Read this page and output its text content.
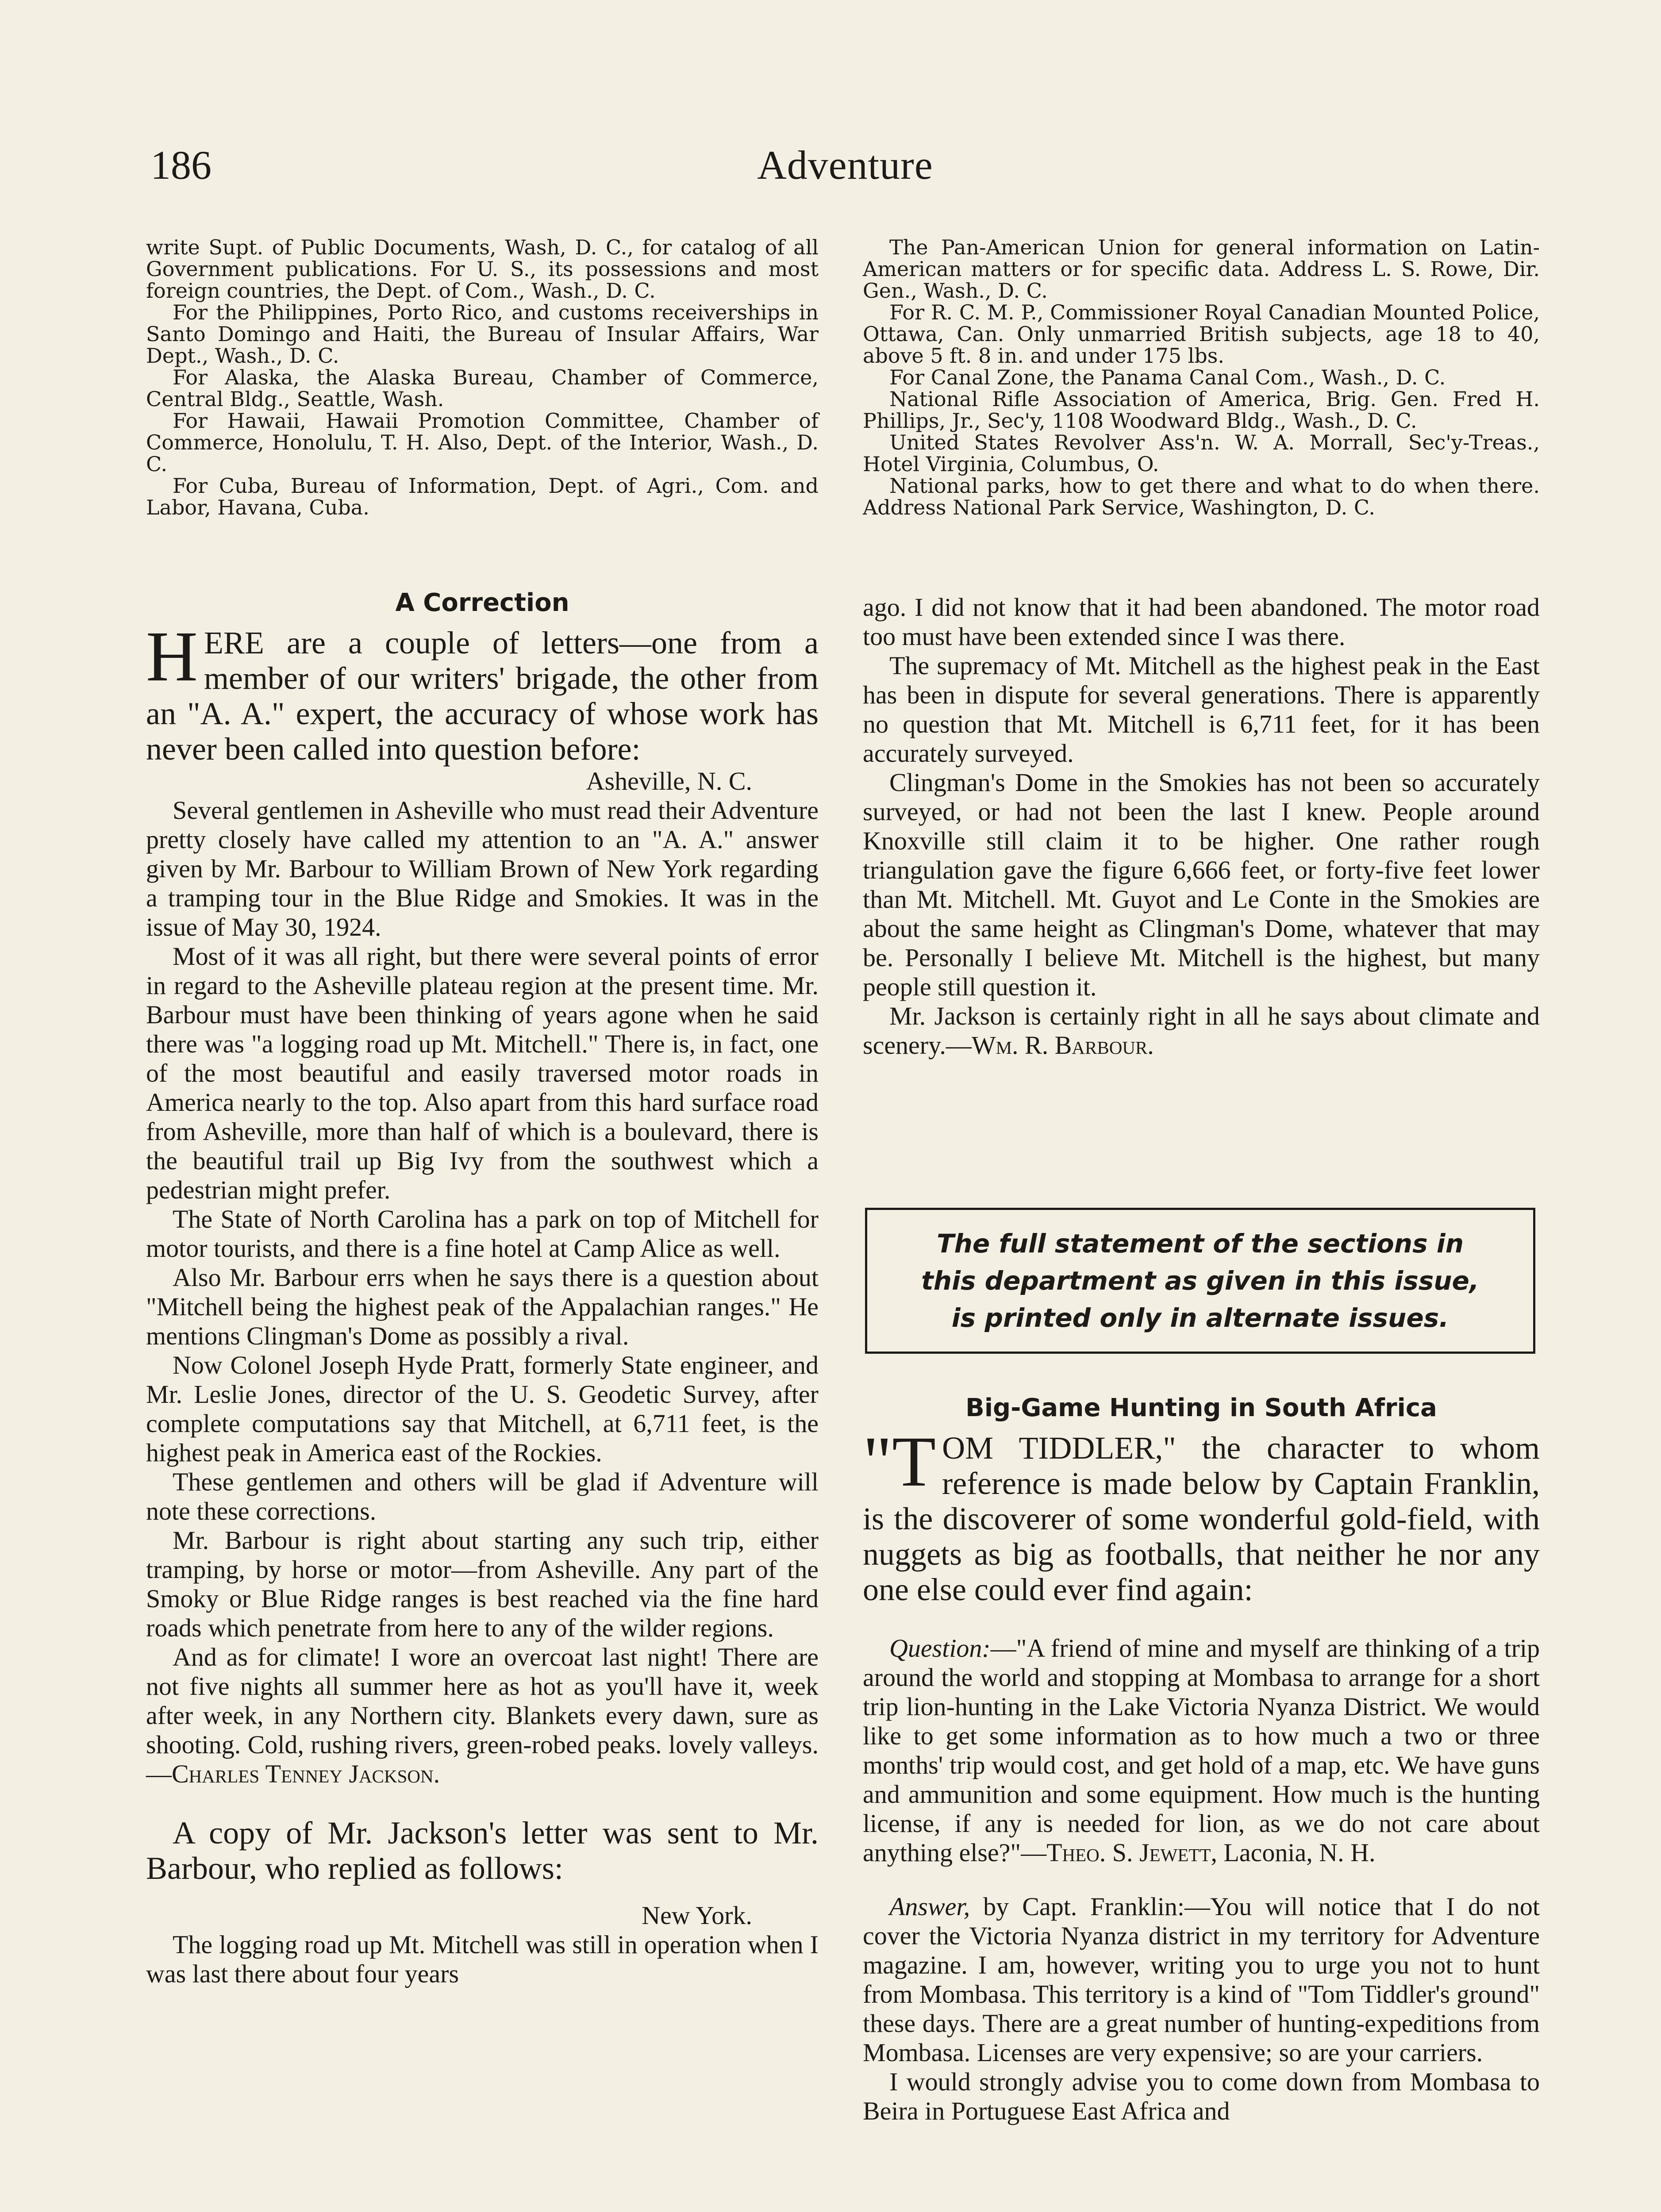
Adventure
186

write Supt. of Public Documents, Wash, D. C., for catalog of all Government publications. For U. S., its possessions and most foreign countries, the Dept. of Com., Wash., D. C.

For the Philippines, Porto Rico, and customs receiverships in Santo Domingo and Haiti, the Bureau of Insular Affairs, War Dept., Wash., D. C.

For Alaska, the Alaska Bureau, Chamber of Commerce, Central Bldg., Seattle, Wash.

For Hawaii, Hawaii Promotion Committee, Chamber of Commerce, Honolulu, T. H. Also, Dept. of the Interior, Wash., D. C.

For Cuba, Bureau of Information, Dept. of Agri., Com. and Labor, Havana, Cuba.

The Pan-American Union for general information on Latin-American matters or for specific data. Address L. S. Rowe, Dir. Gen., Wash., D. C.

For R. C. M. P., Commissioner Royal Canadian Mounted Police, Ottawa, Can. Only unmarried British subjects, age 18 to 40, above 5 ft. 8 in. and under 175 lbs.

For Canal Zone, the Panama Canal Com., Wash., D. C.

National Rifle Association of America, Brig. Gen. Fred H. Phillips, Jr., Sec'y, 1108 Woodward Bldg., Wash., D. C.

United States Revolver Ass'n. W. A. Morrall, Sec'y-Treas., Hotel Virginia, Columbus, O.

National parks, how to get there and what to do when there. Address National Park Service, Washington, D. C.

A Correction
HERE are a couple of letters—one from a member of our writers' brigade, the other from an "A. A." expert, the accuracy of whose work has never been called into question before:

Asheville, N. C.

Several gentlemen in Asheville who must read their Adventure pretty closely have called my attention to an "A. A." answer given by Mr. Barbour to William Brown of New York regarding a tramping tour in the Blue Ridge and Smokies. It was in the issue of May 30, 1924.

Most of it was all right, but there were several points of error in regard to the Asheville plateau region at the present time. Mr. Barbour must have been thinking of years agone when he said there was "a logging road up Mt. Mitchell." There is, in fact, one of the most beautiful and easily traversed motor roads in America nearly to the top. Also apart from this hard surface road from Asheville, more than half of which is a boulevard, there is the beautiful trail up Big Ivy from the southwest which a pedestrian might prefer.

The State of North Carolina has a park on top of Mitchell for motor tourists, and there is a fine hotel at Camp Alice as well.

Also Mr. Barbour errs when he says there is a question about "Mitchell being the highest peak of the Appalachian ranges." He mentions Clingman's Dome as possibly a rival.

Now Colonel Joseph Hyde Pratt, formerly State engineer, and Mr. Leslie Jones, director of the U. S. Geodetic Survey, after complete computations say that Mitchell, at 6,711 feet, is the highest peak in America east of the Rockies.

These gentlemen and others will be glad if Adventure will note these corrections.

Mr. Barbour is right about starting any such trip, either tramping, by horse or motor—from Asheville. Any part of the Smoky or Blue Ridge ranges is best reached via the fine hard roads which penetrate from here to any of the wilder regions.

And as for climate! I wore an overcoat last night! There are not five nights all summer here as hot as you'll have it, week after week, in any Northern city. Blankets every dawn, sure as shooting. Cold, rushing rivers, green-robed peaks. lovely valleys.—Charles Tenney Jackson.

A copy of Mr. Jackson's letter was sent to Mr. Barbour, who replied as follows:

New York.

The logging road up Mt. Mitchell was still in operation when I was last there about four years

ago. I did not know that it had been abandoned. The motor road too must have been extended since I was there.

The supremacy of Mt. Mitchell as the highest peak in the East has been in dispute for several generations. There is apparently no question that Mt. Mitchell is 6,711 feet, for it has been accurately surveyed.

Clingman's Dome in the Smokies has not been so accurately surveyed, or had not been the last I knew. People around Knoxville still claim it to be higher. One rather rough triangulation gave the figure 6,666 feet, or forty-five feet lower than Mt. Mitchell. Mt. Guyot and Le Conte in the Smokies are about the same height as Clingman's Dome, whatever that may be. Personally I believe Mt. Mitchell is the highest, but many people still question it.

Mr. Jackson is certainly right in all he says about climate and scenery.—Wm. R. Barbour.

The full statement of the sections in
this department as given in this issue,
is printed only in alternate issues.
Big-Game Hunting in South Africa
"TOM TIDDLER," the character to whom reference is made below by Captain Franklin, is the discoverer of some wonderful gold-field, with nuggets as big as footballs, that neither he nor any one else could ever find again:

Question:—"A friend of mine and myself are thinking of a trip around the world and stopping at Mombasa to arrange for a short trip lion-hunting in the Lake Victoria Nyanza District. We would like to get some information as to how much a two or three months' trip would cost, and get hold of a map, etc. We have guns and ammunition and some equipment. How much is the hunting license, if any is needed for lion, as we do not care about anything else?"—Theo. S. Jewett, Laconia, N. H.

Answer, by Capt. Franklin:—You will notice that I do not cover the Victoria Nyanza district in my territory for Adventure magazine. I am, however, writing you to urge you not to hunt from Mombasa. This territory is a kind of "Tom Tiddler's ground" these days. There are a great number of hunting-expeditions from Mombasa. Licenses are very expensive; so are your carriers.

I would strongly advise you to come down from Mombasa to Beira in Portuguese East Africa and
